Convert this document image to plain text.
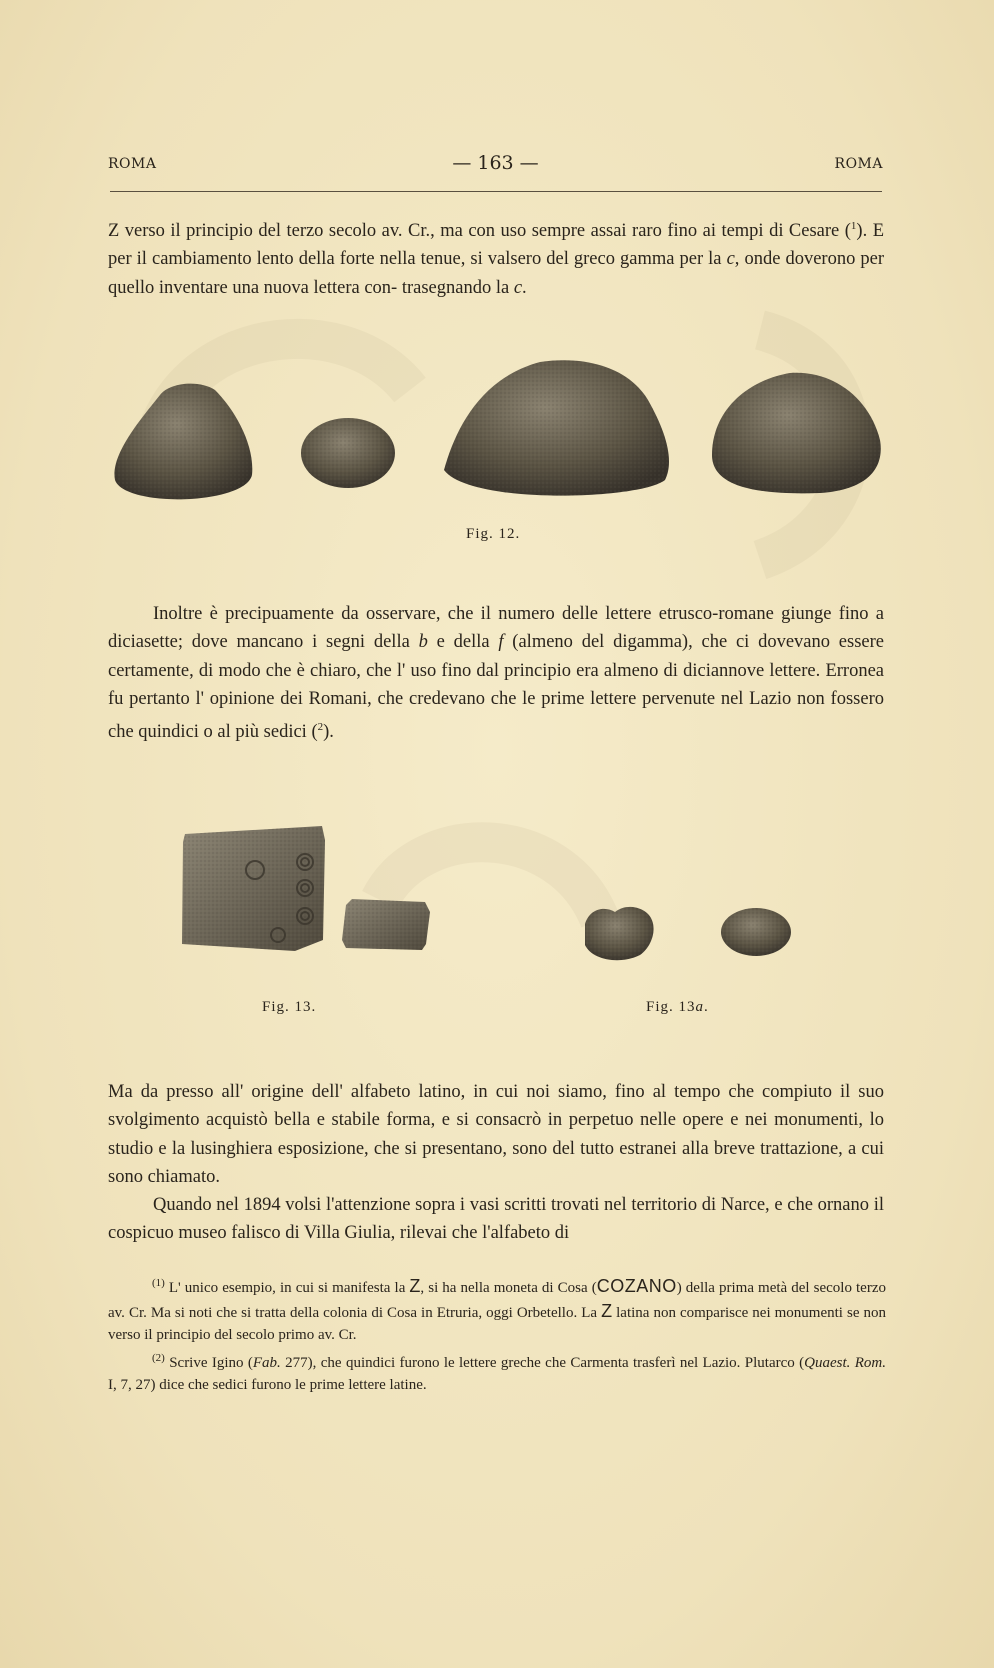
ROMA	— 163 —	ROMA
Z verso il principio del terzo secolo av. Cr., ma con uso sempre assai raro fino ai tempi di Cesare ($^1$). E per il cambiamento lento della forte nella tenue, si valsero del greco gamma per la c, onde doverono per quello inventare una nuova lettera con- trasegnando la c.
Fig. 12.
Inoltre è precipuamente da osservare, che il numero delle lettere etrusco-romane giunge fino a diciasette; dove mancano i segni della b e della f (almeno del digamma), che ci dovevano essere certamente, di modo che è chiaro, che l' uso fino dal principio era almeno di diciannove lettere. Erronea fu pertanto l' opinione dei Romani, che credevano che le prime lettere pervenute nel Lazio non fossero che quindici o al più sedici ($^2$).
Fig. 13.	Fig. 13a.
Ma da presso all' origine dell' alfabeto latino, in cui noi siamo, fino al tempo che compiuto il suo svolgimento acquistò bella e stabile forma, e si consacrò in perpetuo nelle opere e nei monumenti, lo studio e la lusinghiera esposizione, che si presentano, sono del tutto estranei alla breve trattazione, a cui sono chiamato.
Quando nel 1894 volsi l'attenzione sopra i vasi scritti trovati nel territorio di Narce, e che ornano il cospicuo museo falisco di Villa Giulia, rilevai che l'alfabeto di
$^{(1)}$ L' unico esempio, in cui si manifesta la Z, si ha nella moneta di Cosa (COZANO) della prima metà del secolo terzo av. Cr. Ma si noti che si tratta della colonia di Cosa in Etruria, oggi Orbetello. La Z latina non comparisce nei monumenti se non verso il principio del secolo primo av. Cr.
$^{(2)}$ Scrive Igino (Fab. 277), che quindici furono le lettere greche che Carmenta trasferì nel Lazio. Plutarco (Quaest. Rom. I, 7, 27) dice che sedici furono le prime lettere latine.
